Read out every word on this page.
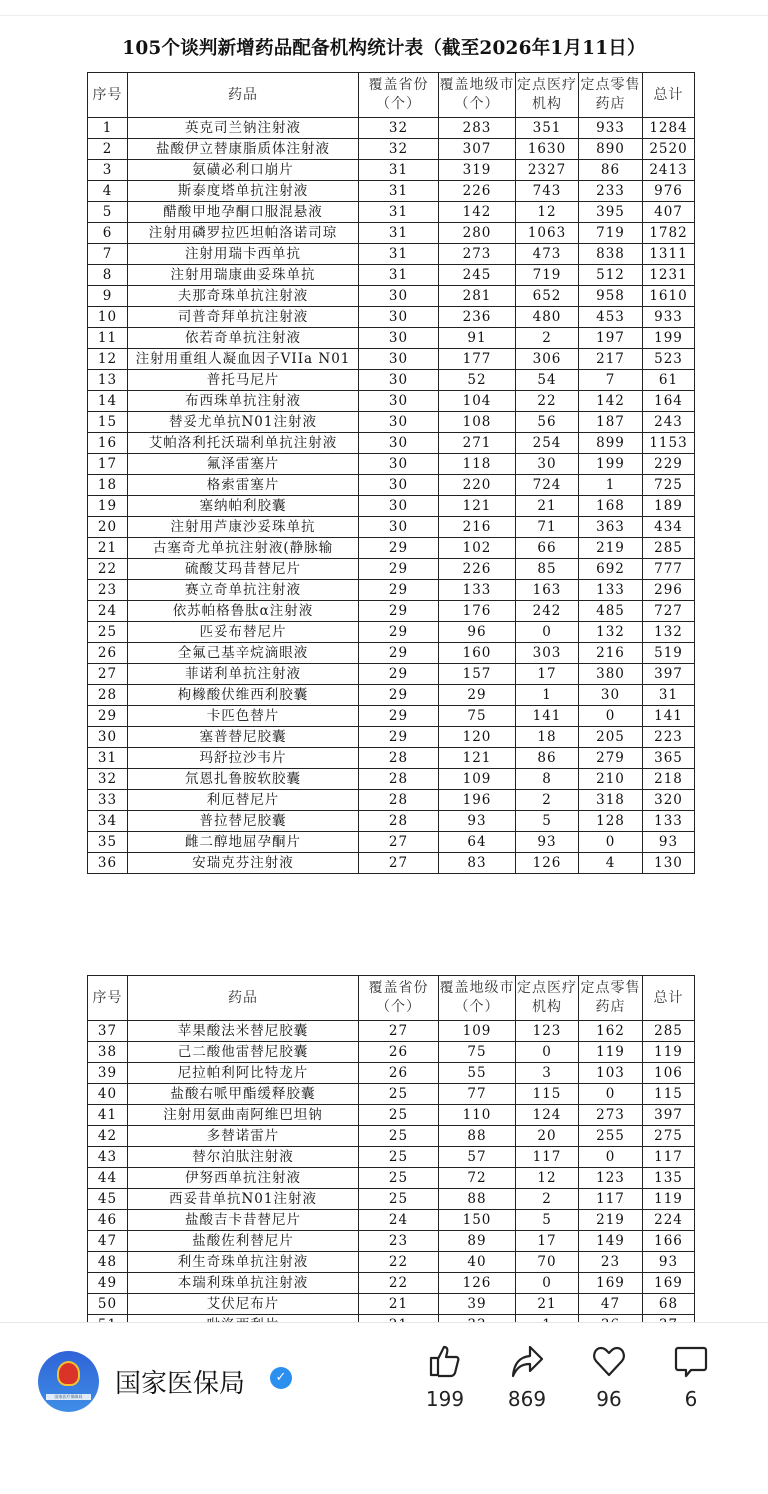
105个谈判新增药品配备机构统计表（截至2026年1月11日）
序号	药品	覆盖省份（个）	覆盖地级市（个）	定点医疗机构	定点零售药店	总计
1	英克司兰钠注射液	32	283	351	933	1284
2	盐酸伊立替康脂质体注射液	32	307	1630	890	2520
3	氨磺必利口崩片	31	319	2327	86	2413
4	斯泰度塔单抗注射液	31	226	743	233	976
5	醋酸甲地孕酮口服混悬液	31	142	12	395	407
6	注射用磷罗拉匹坦帕洛诺司琼	31	280	1063	719	1782
7	注射用瑞卡西单抗	31	273	473	838	1311
8	注射用瑞康曲妥珠单抗	31	245	719	512	1231
9	夫那奇珠单抗注射液	30	281	652	958	1610
10	司普奇拜单抗注射液	30	236	480	453	933
11	依若奇单抗注射液	30	91	2	197	199
12	注射用重组人凝血因子VIIa N01	30	177	306	217	523
13	普托马尼片	30	52	54	7	61
14	布西珠单抗注射液	30	104	22	142	164
15	替妥尤单抗N01注射液	30	108	56	187	243
16	艾帕洛利托沃瑞利单抗注射液	30	271	254	899	1153
17	氟泽雷塞片	30	118	30	199	229
18	格索雷塞片	30	220	724	1	725
19	塞纳帕利胶囊	30	121	21	168	189
20	注射用芦康沙妥珠单抗	30	216	71	363	434
21	古塞奇尤单抗注射液(静脉输	29	102	66	219	285
22	硫酸艾玛昔替尼片	29	226	85	692	777
23	赛立奇单抗注射液	29	133	163	133	296
24	依苏帕格鲁肽α注射液	29	176	242	485	727
25	匹妥布替尼片	29	96	0	132	132
26	全氟己基辛烷滴眼液	29	160	303	216	519
27	菲诺利单抗注射液	29	157	17	380	397
28	枸橼酸伏维西利胶囊	29	29	1	30	31
29	卡匹色替片	29	75	141	0	141
30	塞普替尼胶囊	29	120	18	205	223
31	玛舒拉沙韦片	28	121	86	279	365
32	氘恩扎鲁胺软胶囊	28	109	8	210	218
33	利厄替尼片	28	196	2	318	320
34	普拉替尼胶囊	28	93	5	128	133
35	雌二醇地屈孕酮片	27	64	93	0	93
36	安瑞克芬注射液	27	83	126	4	130
序号	药品	覆盖省份（个）	覆盖地级市（个）	定点医疗机构	定点零售药店	总计
37	苹果酸法米替尼胶囊	27	109	123	162	285
38	己二酸他雷替尼胶囊	26	75	0	119	119
39	尼拉帕利阿比特龙片	26	55	3	103	106
40	盐酸右哌甲酯缓释胶囊	25	77	115	0	115
41	注射用氨曲南阿维巴坦钠	25	110	124	273	397
42	多替诺雷片	25	88	20	255	275
43	替尔泊肽注射液	25	57	117	0	117
44	伊努西单抗注射液	25	72	12	123	135
45	西妥昔单抗N01注射液	25	88	2	117	119
46	盐酸吉卡昔替尼片	24	150	5	219	224
47	盐酸佐利替尼片	23	89	17	149	166
48	利生奇珠单抗注射液	22	40	70	23	93
49	本瑞利珠单抗注射液	22	126	0	169	169
50	艾伏尼布片	21	39	21	47	68

国家医疗保障局	国家医保局	✓
199	869	96	6
